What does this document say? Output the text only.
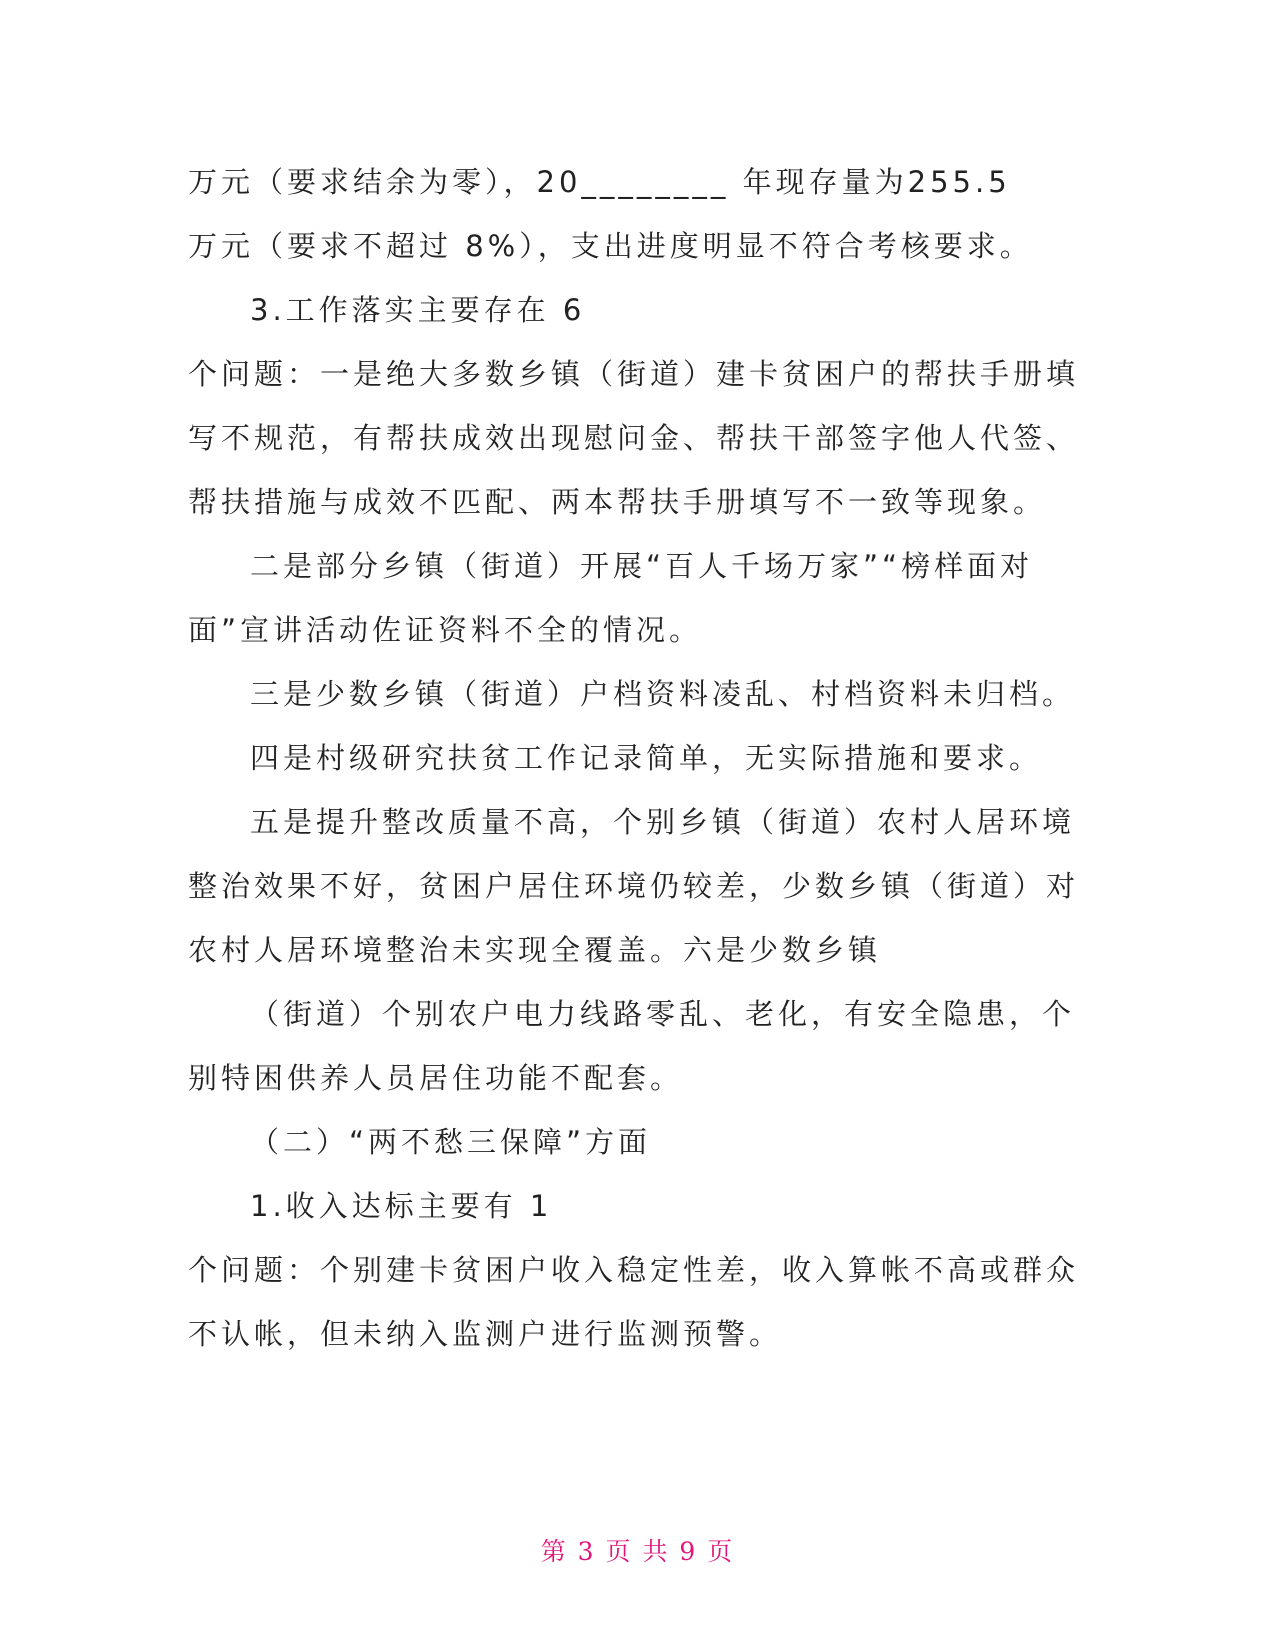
万元（要求结余为零），20________ 年现存量为255.5
万元（要求不超过 8%），支出进度明显不符合考核要求。
3.工作落实主要存在 6
个问题：一是绝大多数乡镇（街道）建卡贫困户的帮扶手册填
写不规范，有帮扶成效出现慰问金、帮扶干部签字他人代签、
帮扶措施与成效不匹配、两本帮扶手册填写不一致等现象。
二是部分乡镇（街道）开展“百人千场万家”“榜样面对
面”宣讲活动佐证资料不全的情况。
三是少数乡镇（街道）户档资料凌乱、村档资料未归档。
四是村级研究扶贫工作记录简单，无实际措施和要求。
五是提升整改质量不高，个别乡镇（街道）农村人居环境
整治效果不好，贫困户居住环境仍较差，少数乡镇（街道）对
农村人居环境整治未实现全覆盖。六是少数乡镇
（街道）个别农户电力线路零乱、老化，有安全隐患，个
别特困供养人员居住功能不配套。
（二）“两不愁三保障”方面
1.收入达标主要有 1
个问题：个别建卡贫困户收入稳定性差，收入算帐不高或群众
不认帐，但未纳入监测户进行监测预警。
第 3 页 共 9 页
